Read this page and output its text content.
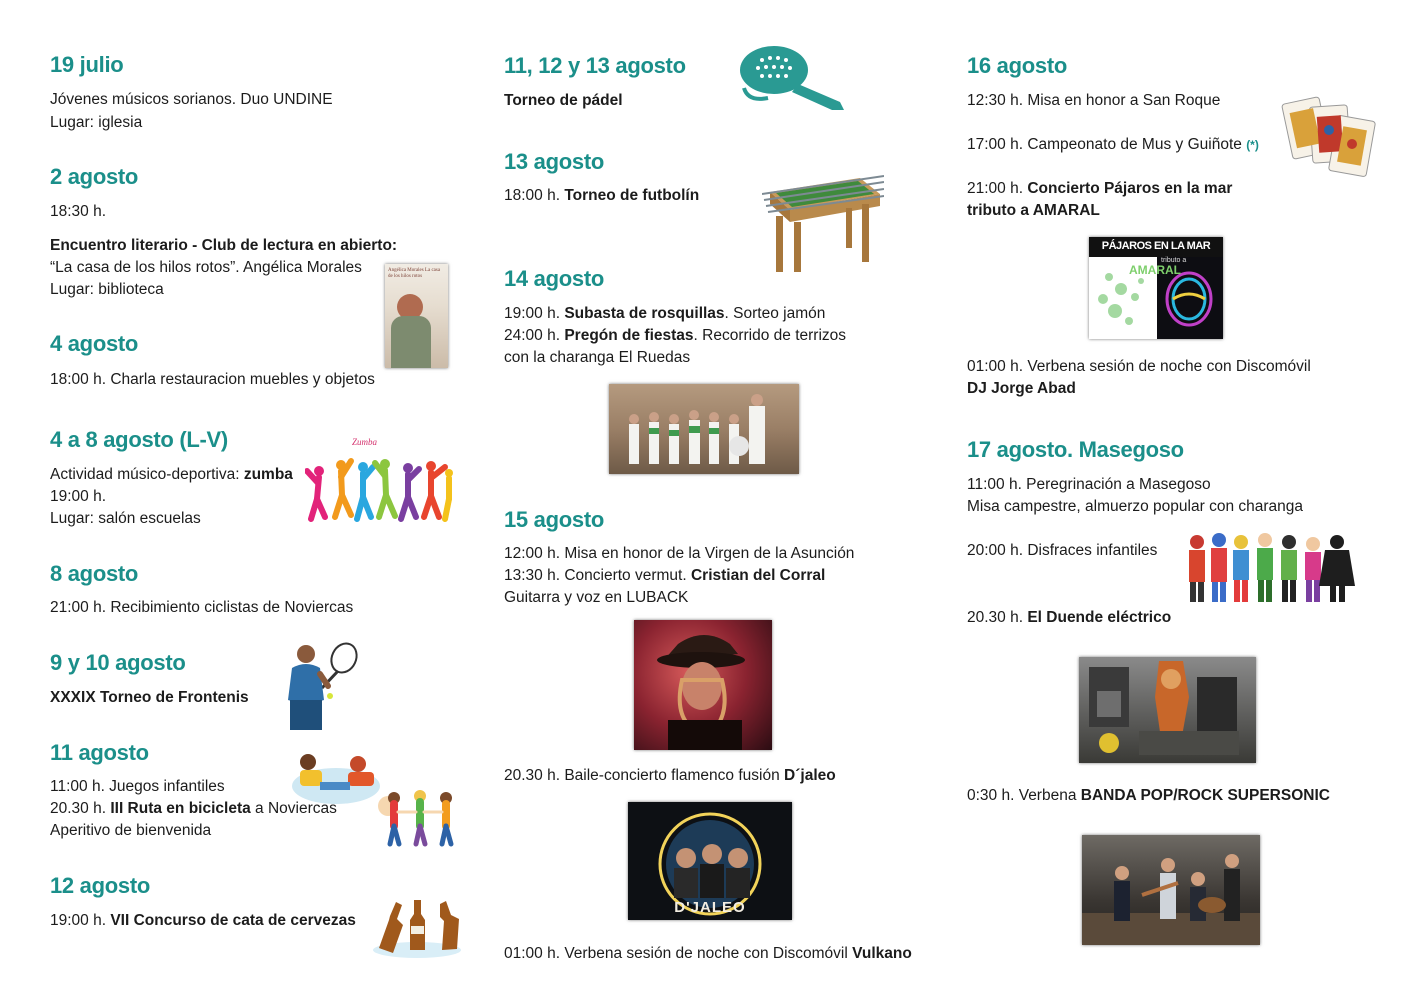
19 julio
Jóvenes músicos sorianos. Duo UNDINE
Lugar: iglesia
2 agosto
18:30 h.
Encuentro literario - Club de lectura en abierto:
“La casa de los hilos rotos”. Angélica Morales
Lugar: biblioteca
Angélica Morales La casa de los hilos rotos
4 agosto
18:00 h. Charla restauracion muebles y objetos
4 a 8 agosto (L-V)
Actividad músico-deportiva: zumba
19:00 h.
Lugar: salón escuelas
Zumba
8 agosto
21:00 h. Recibimiento ciclistas de Noviercas
9 y 10 agosto
XXXIX Torneo de Frontenis
11 agosto
11:00 h. Juegos infantiles
20.30 h. III Ruta en bicicleta a Noviercas
Aperitivo de bienvenida
12 agosto
19:00 h. VII Concurso de cata de cervezas
11, 12 y 13 agosto
Torneo de pádel
13 agosto
18:00 h. Torneo de futbolín
14 agosto
19:00 h. Subasta de rosquillas. Sorteo jamón
24:00 h. Pregón de fiestas. Recorrido de terrizos
con la charanga El Ruedas
15 agosto
12:00 h. Misa en honor de la Virgen de la Asunción
13:30 h. Concierto vermut. Cristian del Corral
Guitarra y voz en LUBACK
20.30 h. Baile-concierto flamenco fusión D´jaleo
D'JALEO
01:00 h. Verbena sesión de noche con Discomóvil Vulkano
16 agosto
12:30 h. Misa en honor a San Roque
17:00 h. Campeonato de Mus y Guiñote (*)
21:00 h. Concierto Pájaros en la mar
tributo a AMARAL
PÁJAROS EN LA MAR
tributo a
AMARAL
01:00 h. Verbena sesión de noche con Discomóvil
DJ Jorge Abad
17 agosto. Masegoso
11:00 h. Peregrinación a Masegoso
Misa campestre, almuerzo popular con charanga
20:00 h. Disfraces infantiles
20.30 h. El Duende eléctrico
0:30 h. Verbena BANDA POP/ROCK SUPERSONIC
